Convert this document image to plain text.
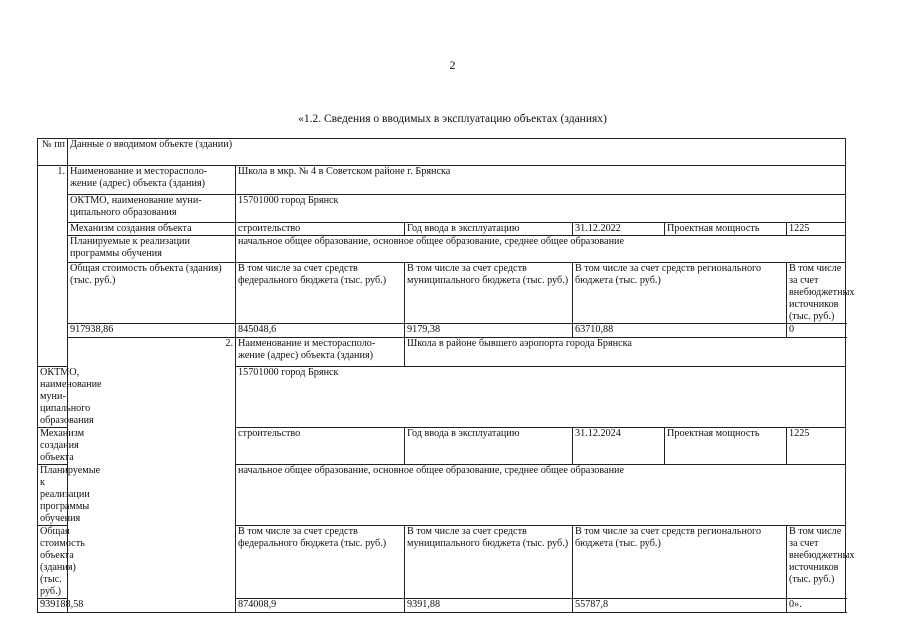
2
«1.2. Сведения о вводимых в эксплуатацию объектах (зданиях)
№ пп	Данные о вводимом объекте (здании)					
1.	Наименование и месторасполо-жение (адрес) объекта (здания)	Школа в мкр. № 4 в Советском районе г. Брянска				
	ОКТМО, наименование муни-ципального образования	15701000 город Брянск				
	Механизм создания объекта	строительство	Год ввода в эксплуатацию	31.12.2022	Проектная мощность	1225
	Планируемые к реализации программы обучения	начальное общее образование, основное общее образование, среднее общее образование				
	Общая стоимость объекта (здания) (тыс. руб.)	В том числе за счет средств федерального бюджета (тыс. руб.)	В том числе за счет средств муниципального бюджета (тыс. руб.)	В том числе за счет средств регионального бюджета (тыс. руб.)		В том числе за счет внебюджетных источников (тыс. руб.)
	917938,86	845048,6	9179,38	63710,88		0
	2.	Наименование и месторасполо-жение (адрес) объекта (здания)	Школа в районе бывшего аэропорта города Брянска			
ОКТМО, наименование муни-ципального образования		15701000 город Брянск				
Механизм создания объекта		строительство	Год ввода в эксплуатацию	31.12.2024	Проектная мощность	1225
Планируемые к реализации программы обучения		начальное общее образование, основное общее образование, среднее общее образование				
Общая стоимость объекта (здания) (тыс. руб.)		В том числе за счет средств федерального бюджета (тыс. руб.)	В том числе за счет средств муниципального бюджета (тыс. руб.)	В том числе за счет средств регионального бюджета (тыс. руб.)		В том числе за счет внебюджетных источников (тыс. руб.)
939188,58		874008,9	9391,88	55787,8		0».
